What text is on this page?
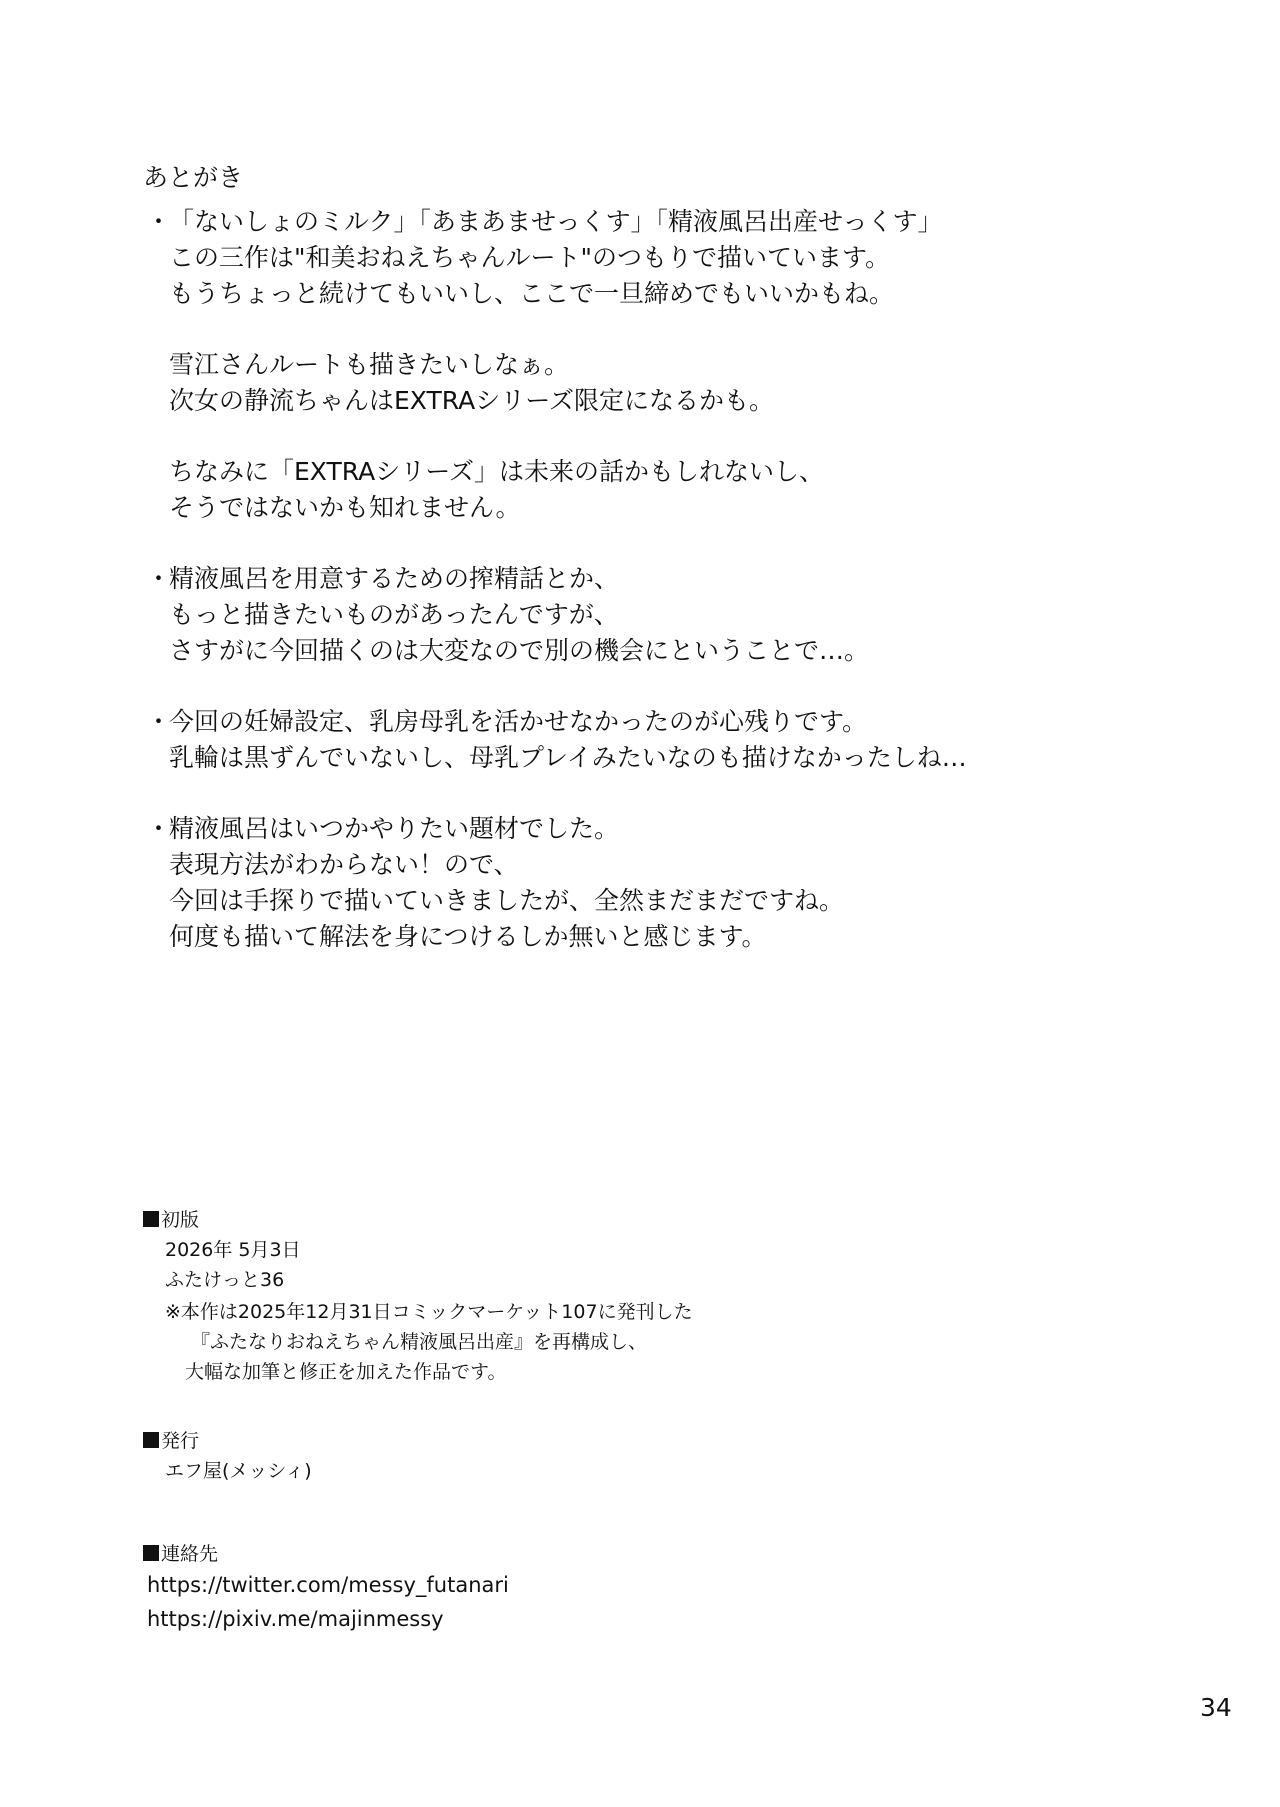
あとがき
・
「ないしょのミルク」「あまあませっくす」「精液風呂出産せっくす」
この三作は"和美おねえちゃんルート"のつもりで描いています。
もうちょっと続けてもいいし、ここで一旦締めでもいいかもね。
雪江さんルートも描きたいしなぁ。
次女の静流ちゃんはEXTRAシリーズ限定になるかも。
ちなみに「EXTRAシリーズ」は未来の話かもしれないし、
そうではないかも知れません。
・
精液風呂を用意するための搾精話とか、
もっと描きたいものがあったんですが、
さすがに今回描くのは大変なので別の機会にということで…。
・
今回の妊婦設定、乳房母乳を活かせなかったのが心残りです。
乳輪は黒ずんでいないし、母乳プレイみたいなのも描けなかったしね…
・
精液風呂はいつかやりたい題材でした。
表現方法がわからない！ので、
今回は手探りで描いていきましたが、全然まだまだですね。
何度も描いて解法を身につけるしか無いと感じます。
初版
2026年 5月3日
ふたけっと36
※本作は2025年12月31日コミックマーケット107に発刊した
『ふたなりおねえちゃん精液風呂出産』を再構成し、
大幅な加筆と修正を加えた作品です。
発行
エフ屋(メッシィ)
連絡先
https://twitter.com/messy_futanari
https://pixiv.me/majinmessy
34
